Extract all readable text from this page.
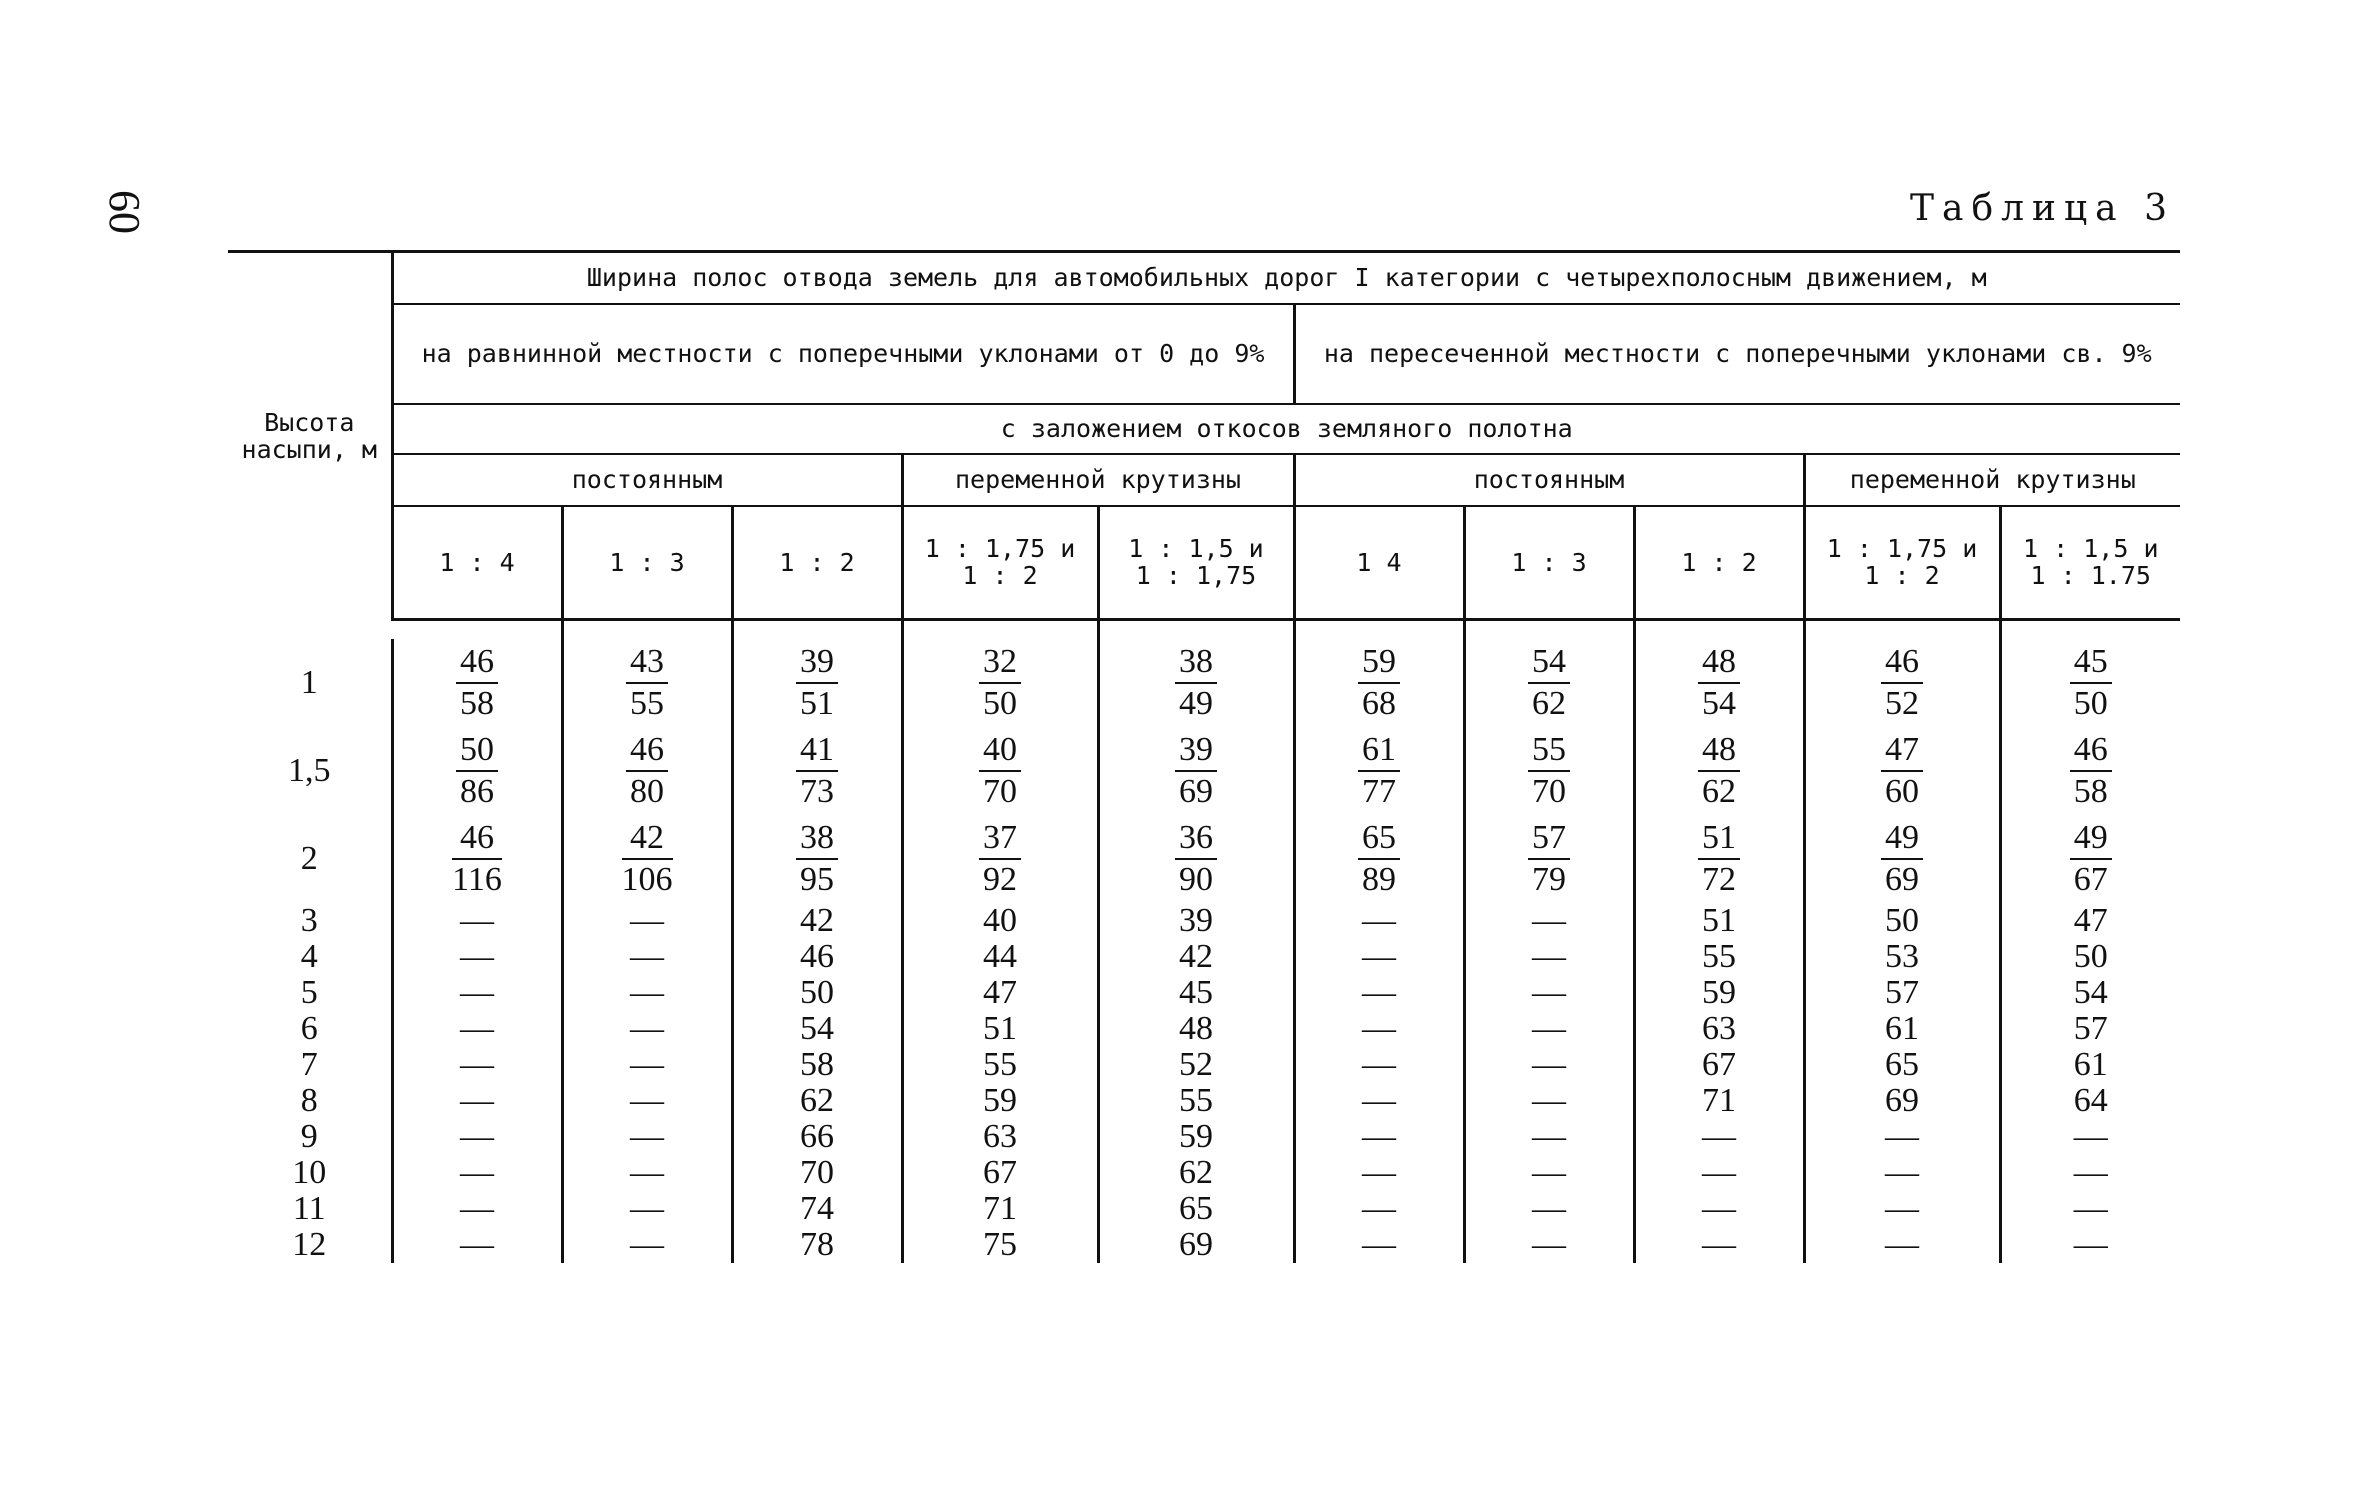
60	Таблица 3
Высота насыпи, м	Ширина полос отвода земель для автомобильных дорог I категории с четырехполосным движением, м									
	на равнинной местности с поперечными уклонами от 0 до 9%					на пересеченной местности с поперечными уклонами св. 9%				
	с заложением откосов земляного полотна									
	постоянным			переменной крутизны		постоянным			переменной крутизны	
	1 : 4	1 : 3	1 : 2	1 : 1,75 и 1 : 2	1 : 1,5 и 1 : 1,75	1 4	1 : 3	1 : 2	1 : 1,75 и 1 : 2	1 : 1,5 и 1 : 1.75

1	$\frac{46}{58}$	$\frac{43}{55}$	$\frac{39}{51}$	$\frac{32}{50}$	$\frac{38}{49}$	$\frac{59}{68}$	$\frac{54}{62}$	$\frac{48}{54}$	$\frac{46}{52}$	$\frac{45}{50}$

1,5	$\frac{50}{86}$	$\frac{46}{80}$	$\frac{41}{73}$	$\frac{40}{70}$	$\frac{39}{69}$	$\frac{61}{77}$	$\frac{55}{70}$	$\frac{48}{62}$	$\frac{47}{60}$	$\frac{46}{58}$

2	$\frac{46}{116}$	$\frac{42}{106}$	$\frac{38}{95}$	$\frac{37}{92}$	$\frac{36}{90}$	$\frac{65}{89}$	$\frac{57}{79}$	$\frac{51}{72}$	$\frac{49}{69}$	$\frac{49}{67}$

3	—	—	42	40	39	—	—	51	50	47
4	—	—	46	44	42	—	—	55	53	50
5	—	—	50	47	45	—	—	59	57	54
6	—	—	54	51	48	—	—	63	61	57
7	—	—	58	55	52	—	—	67	65	61
8	—	—	62	59	55	—	—	71	69	64
9	—	—	66	63	59	—	—	—	—	—
10	—	—	70	67	62	—	—	—	—	—
11	—	—	74	71	65	—	—	—	—	—
12	—	—	78	75	69	—	—	—	—	—
